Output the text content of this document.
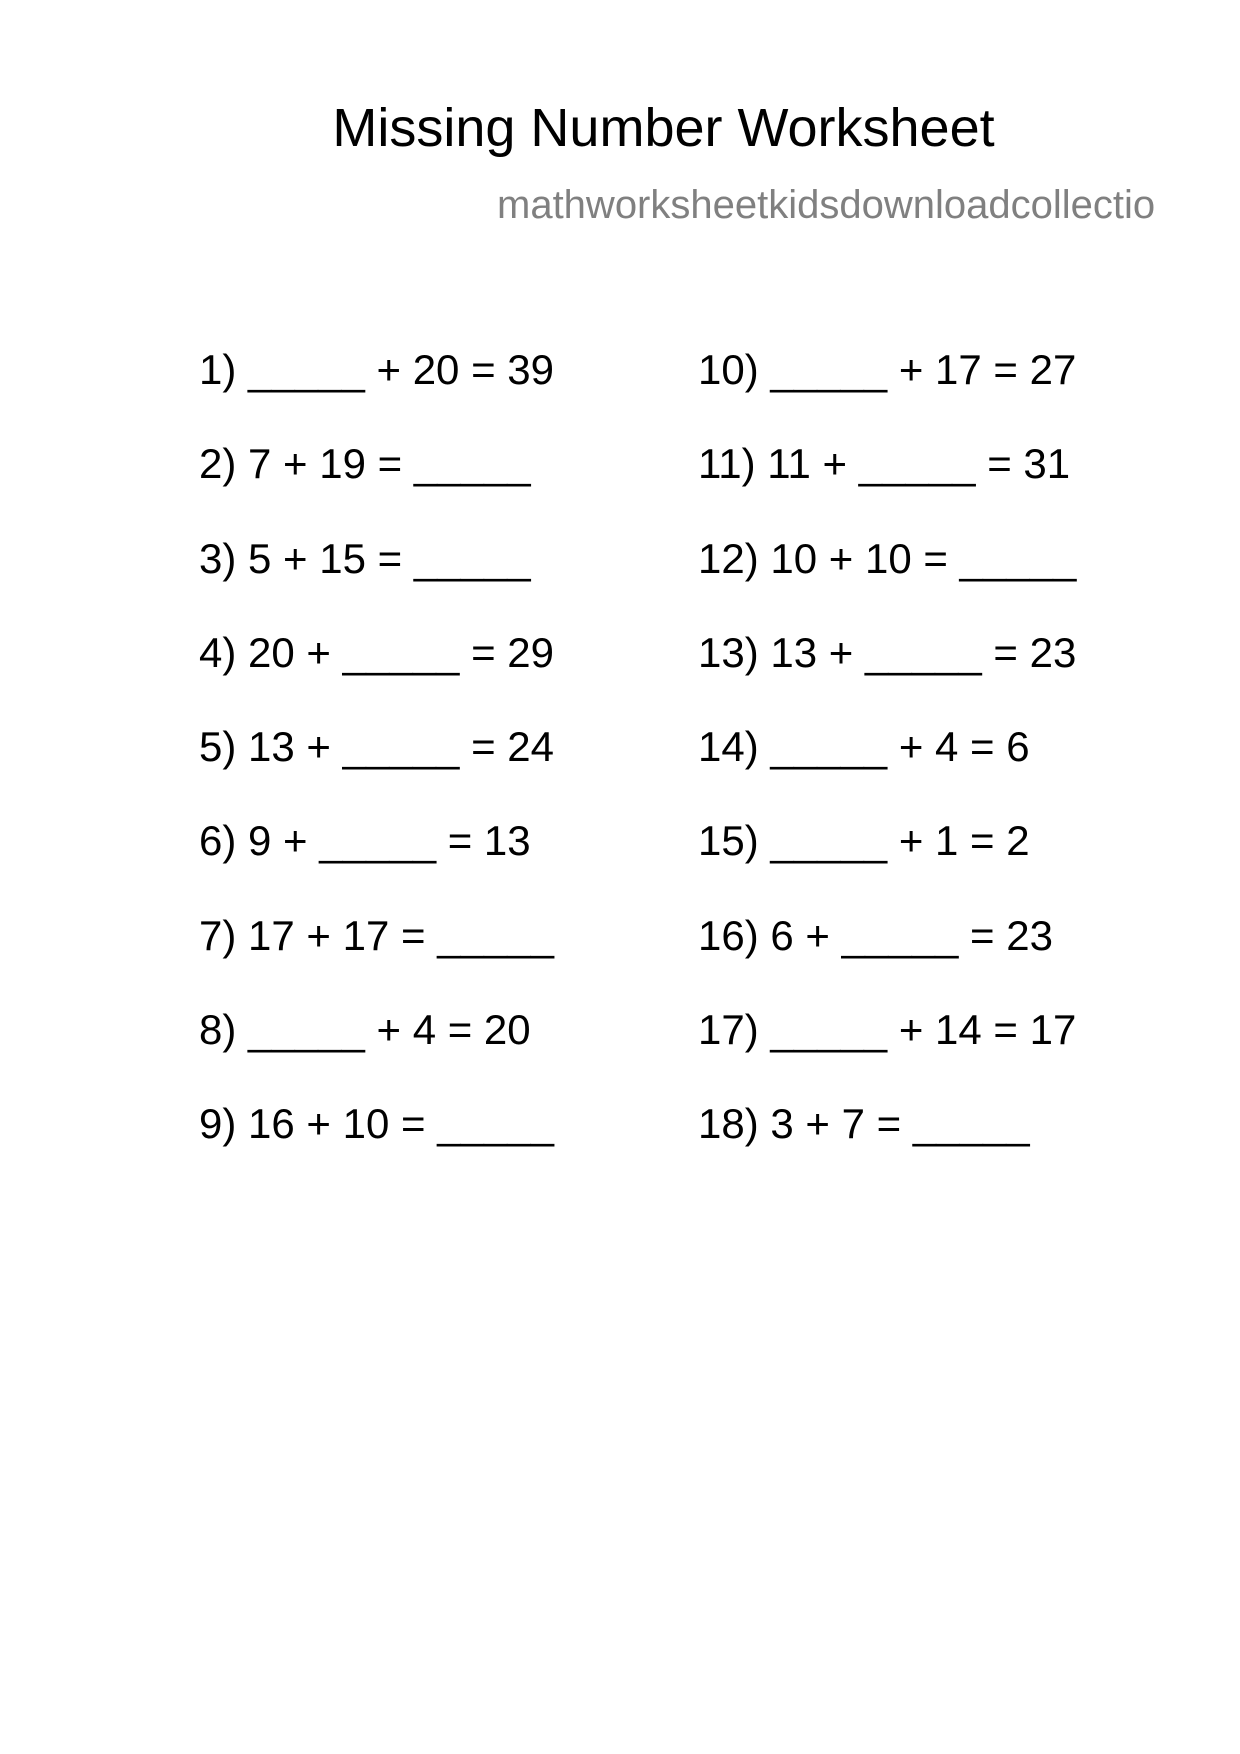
Missing Number Worksheet
mathworksheetkidsdownloadcollectio
1) _____ + 20 = 39
2) 7 + 19 = _____
3) 5 + 15 = _____
4) 20 + _____ = 29
5) 13 + _____ = 24
6) 9 + _____ = 13
7) 17 + 17 = _____
8) _____ + 4 = 20
9) 16 + 10 = _____
10) _____ + 17 = 27
11) 11 + _____ = 31
12) 10 + 10 = _____
13) 13 + _____ = 23
14) _____ + 4 = 6
15) _____ + 1 = 2
16) 6 + _____ = 23
17) _____ + 14 = 17
18) 3 + 7 = _____
